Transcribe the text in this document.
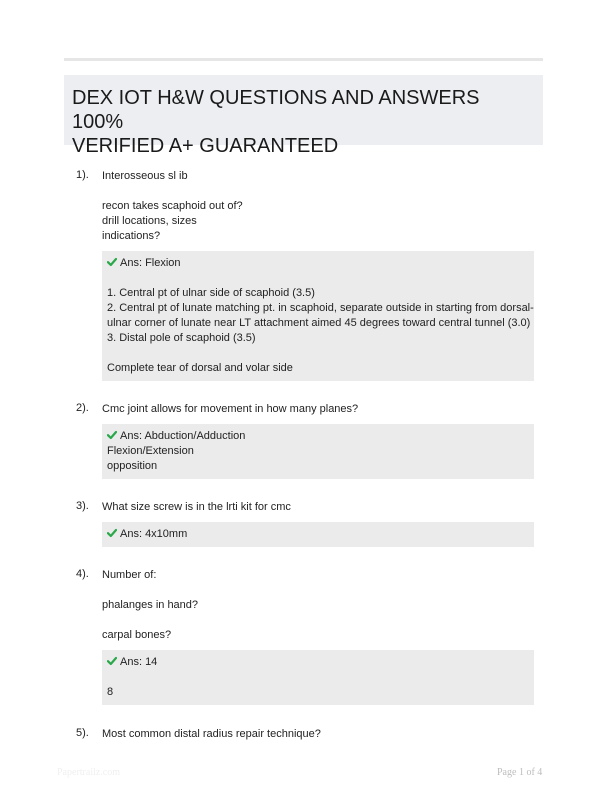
DEX IOT H&W QUESTIONS AND ANSWERS 100%
VERIFIED A+ GUARANTEED
1). Interosseous sl ib
recon takes scaphoid out of?
drill locations, sizes
indications?
Ans: Flexion
1. Central pt of ulnar side of scaphoid (3.5)
2. Central pt of lunate matching pt. in scaphoid, separate outside in starting from dorsal-
ulnar corner of lunate near LT attachment aimed 45 degrees toward central tunnel (3.0)
3. Distal pole of scaphoid (3.5)
Complete tear of dorsal and volar side
2). Cmc joint allows for movement in how many planes?
Ans: Abduction/Adduction
Flexion/Extension
opposition
3). What size screw is in the lrti kit for cmc
Ans: 4x10mm
4). Number of:
phalanges in hand?
carpal bones?
Ans: 14
8
5). Most common distal radius repair technique?
Papertrailz.com	Page 1 of 4
